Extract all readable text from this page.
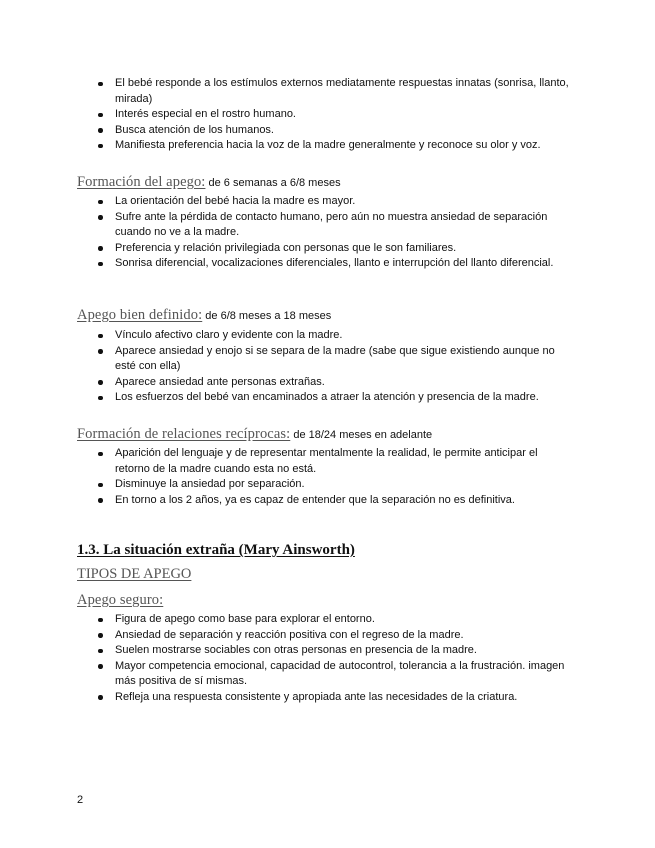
El bebé responde a los estímulos externos mediatamente respuestas innatas (sonrisa, llanto, mirada)
Interés especial en el rostro humano.
Busca atención de los humanos.
Manifiesta preferencia hacia la voz de la madre generalmente y reconoce su olor y voz.
Formación del apego: de 6 semanas a 6/8 meses
La orientación del bebé hacia la madre es mayor.
Sufre ante la pérdida de contacto humano, pero aún no muestra ansiedad de separación cuando no ve a la madre.
Preferencia y relación privilegiada con personas que le son familiares.
Sonrisa diferencial, vocalizaciones diferenciales, llanto e interrupción del llanto diferencial.
Apego bien definido: de 6/8 meses a 18 meses
Vínculo afectivo claro y evidente con la madre.
Aparece ansiedad y enojo si se separa de la madre (sabe que sigue existiendo aunque no esté con ella)
Aparece ansiedad ante personas extrañas.
Los esfuerzos del bebé van encaminados a atraer la atención y presencia de la madre.
Formación de relaciones recíprocas: de 18/24 meses en adelante
Aparición del lenguaje y de representar mentalmente la realidad, le permite anticipar el retorno de la madre cuando esta no está.
Disminuye la ansiedad por separación.
En torno a los 2 años, ya es capaz de entender que la separación no es definitiva.
1.3. La situación extraña (Mary Ainsworth)
TIPOS DE APEGO
Apego seguro:
Figura de apego como base para explorar el entorno.
Ansiedad de separación y reacción positiva con el regreso de la madre.
Suelen mostrarse sociables con otras personas en presencia de la madre.
Mayor competencia emocional, capacidad de autocontrol, tolerancia a la frustración. imagen más positiva de sí mismas.
Refleja una respuesta consistente y apropiada ante las necesidades de la criatura.
2
